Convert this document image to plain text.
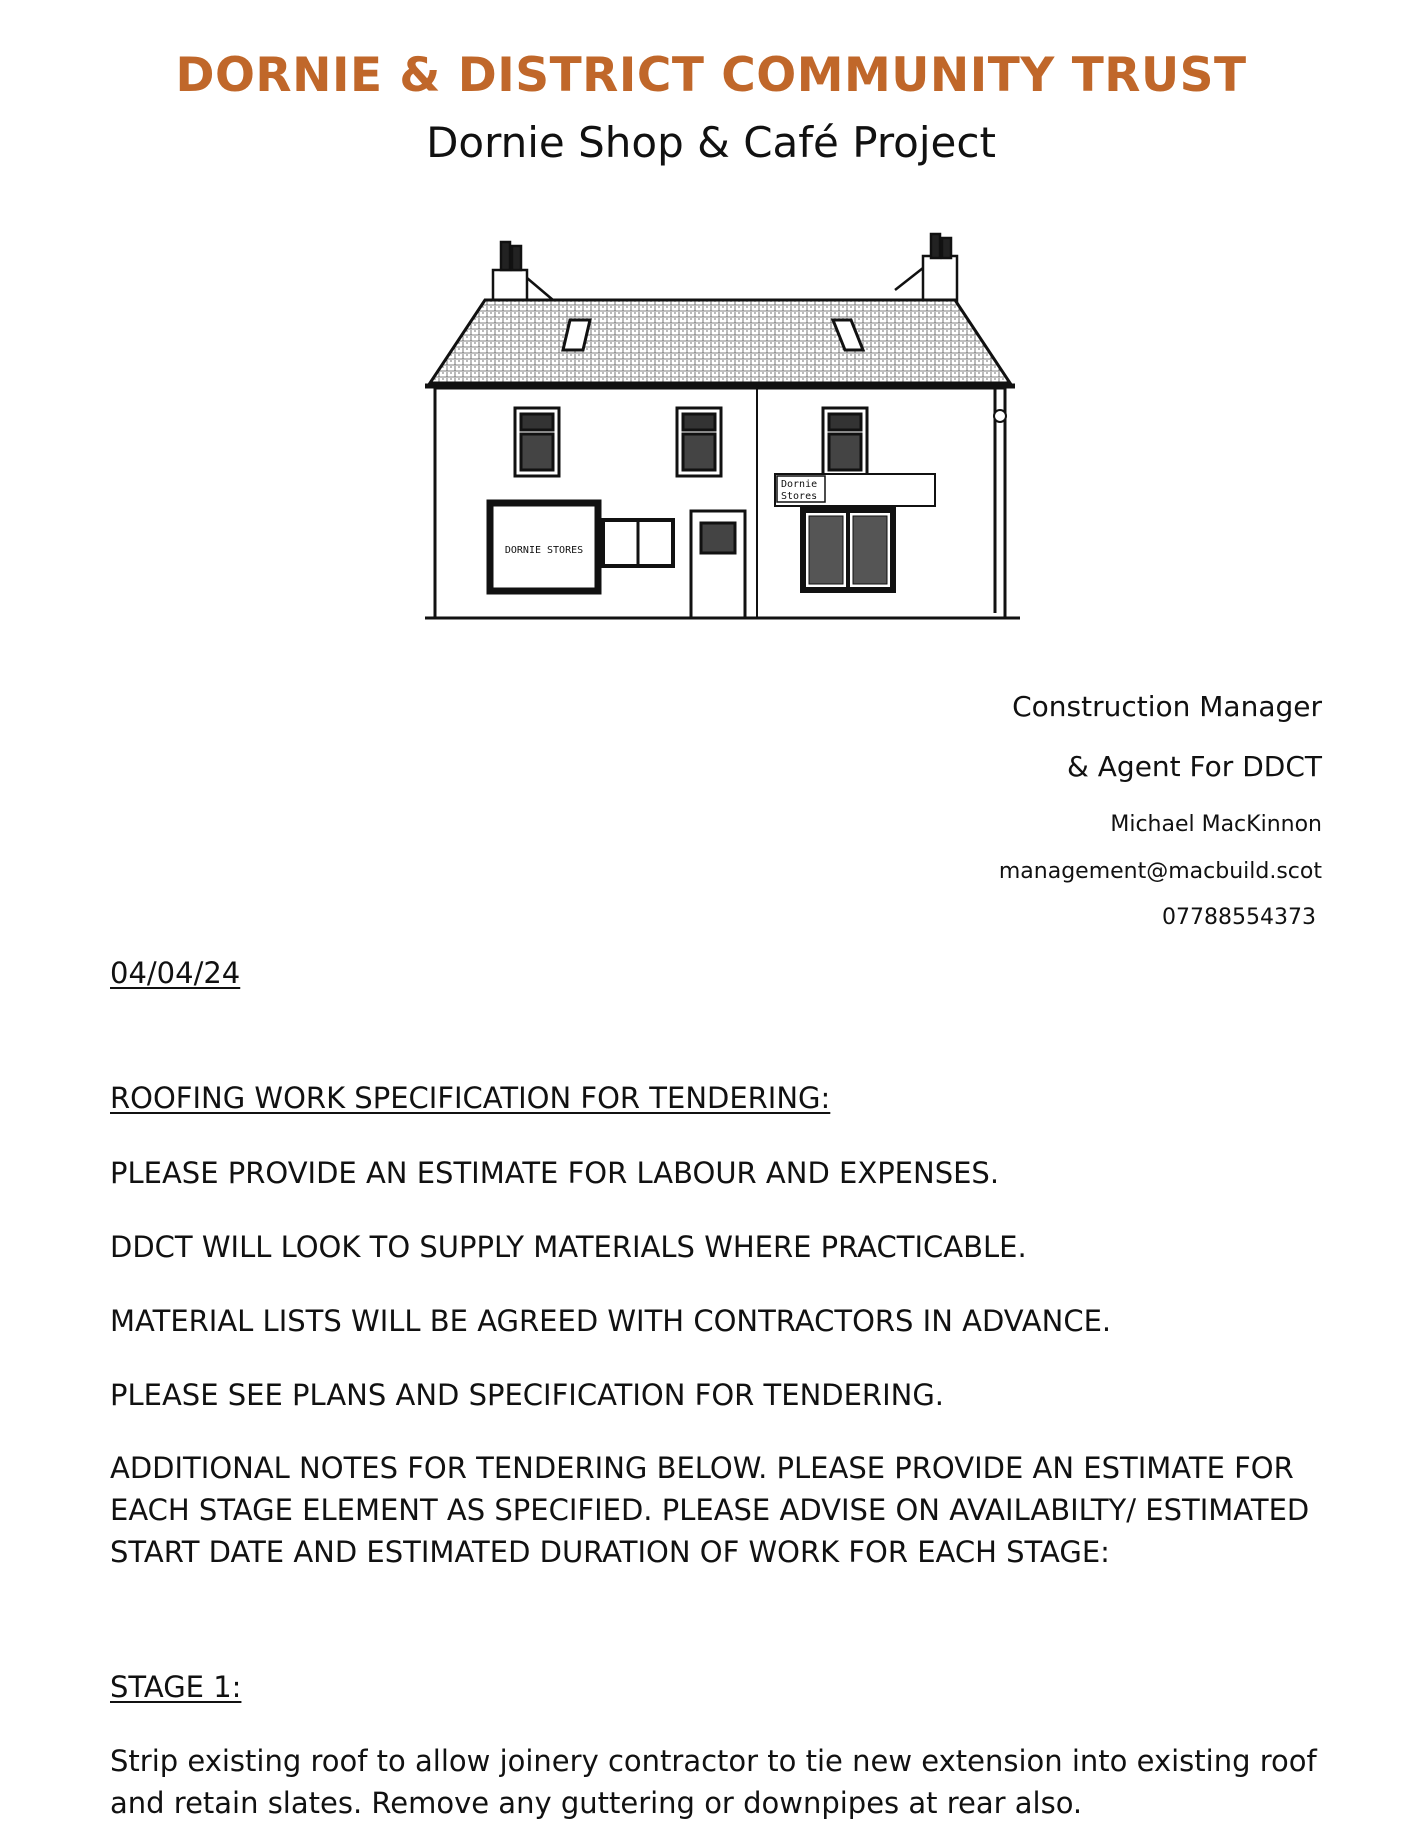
DORNIE & DISTRICT COMMUNITY TRUST
Dornie Shop & Café Project
DORNIE STORES
Dornie
Stores
Construction Manager
& Agent For DDCT
Michael MacKinnon
management@macbuild.scot
07788554373

04/04/24

ROOFING WORK SPECIFICATION FOR TENDERING:

PLEASE PROVIDE AN ESTIMATE FOR LABOUR AND EXPENSES.

DDCT WILL LOOK TO SUPPLY MATERIALS WHERE PRACTICABLE.

MATERIAL LISTS WILL BE AGREED WITH CONTRACTORS IN ADVANCE.

PLEASE SEE PLANS AND SPECIFICATION FOR TENDERING.

ADDITIONAL NOTES FOR TENDERING BELOW. PLEASE PROVIDE AN ESTIMATE FOR EACH STAGE ELEMENT AS SPECIFIED. PLEASE ADVISE ON AVAILABILTY/ ESTIMATED START DATE AND ESTIMATED DURATION OF WORK FOR EACH STAGE:

STAGE 1:

Strip existing roof to allow joinery contractor to tie new extension into existing roof and retain slates. Remove any guttering or downpipes at rear also.
